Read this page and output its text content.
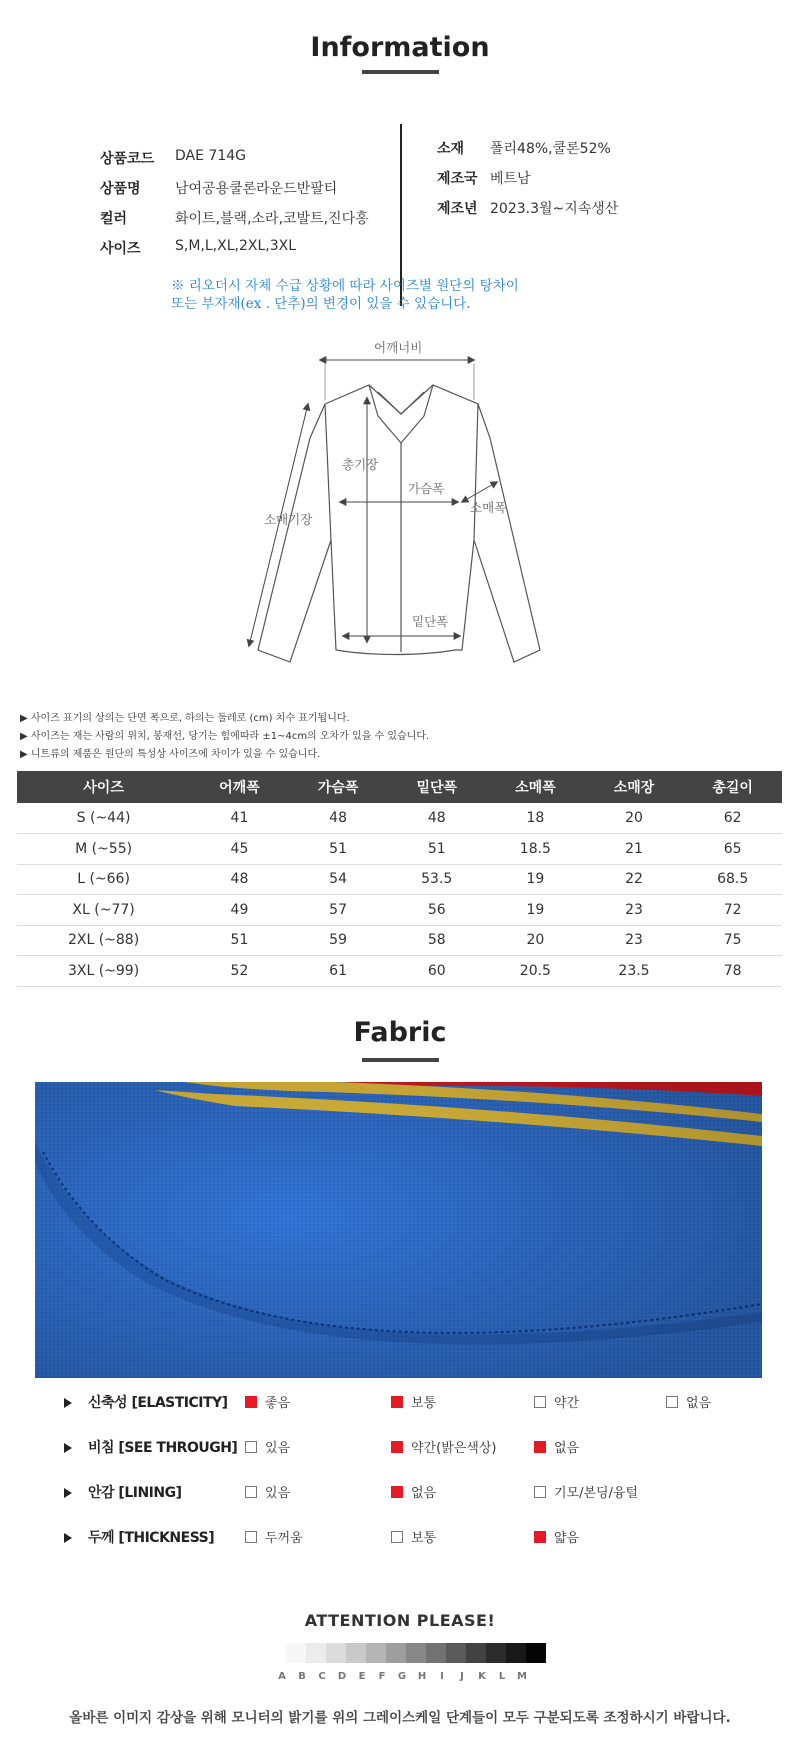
Information
상품코드 DAE 714G
상품명 남여공용쿨론라운드반팔티
컬러	화이트,블랙,소라,코발트,진다홍
사이즈 S,M,L,XL,2XL,3XL
소재 폴리48%,쿨론52%
제조국 베트남
제조년 2023.3월~지속생산
※ 리오더시 자체 수급 상황에 따라 사이즈별 원단의 탕차이
또는 부자재(ex . 단추)의 변경이 있을 수 있습니다.
어깨너비
총기장
가슴폭
소매폭
소매기장
밑단폭
▶ 사이즈 표기의 상의는 단면 폭으로, 하의는 둘레로 (cm) 치수 표기됩니다.
▶ 사이즈는 재는 사람의 위치, 봉재선, 당기는 힘에따라 ±1~4cm의 오차가 있을 수 있습니다.
▶ 니트류의 제품은 원단의 특성상 사이즈에 차이가 있을 수 있습니다.
사이즈	어깨폭	가슴폭	밑단폭	소메폭	소매장	총길이
S (~44)	41	48	48	18	20	62
M (~55)	45	51	51	18.5	21	65
L (~66)	48	54	53.5	19	22	68.5
XL (~77)	49	57	56	19	23	72
2XL (~88)	51	59	58	20	23	75
3XL (~99)	52	61	60	20.5	23.5	78
Fabric
신축성 [ELASTICITY]	좋음	보통	약간	없음
비침 [SEE THROUGH]	있음	약간(밝은색상)	없음
안감 [LINING]	있음	없음	기모/본딩/융털
두께 [THICKNESS]	두꺼움	보통	얇음
ATTENTION PLEASE!
A	B	C	D	E	F	G	H	I	J	K	L	M
올바른 이미지 감상을 위해 모니터의 밝기를 위의 그레이스케일 단계들이 모두 구분되도록 조정하시기 바랍니다.
